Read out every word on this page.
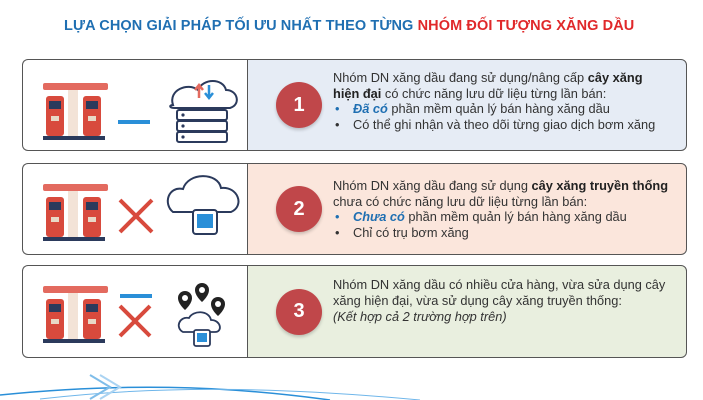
LỰA CHỌN GIẢI PHÁP TỐI ƯU NHẤT THEO TỪNG NHÓM ĐỐI TƯỢNG XĂNG DẦU
1
Nhóm DN xăng dầu đang sử dụng/nâng cấp cây xăng
hiện đại có chức năng lưu dữ liệu từng lần bán:
•	Đã có phần mềm quản lý bán hàng xăng dầu
•	Có thể ghi nhận và theo dõi từng giao dịch bơm xăng
2
Nhóm DN xăng dầu đang sử dụng cây xăng truyền thống
chưa có chức năng lưu dữ liệu từng lần bán:
•	Chưa có phần mềm quản lý bán hàng xăng dầu
•	Chỉ có trụ bơm xăng
3
Nhóm DN xăng dầu có nhiều cửa hàng, vừa sửa dụng cây
xăng hiện đại, vừa sử dụng cây xăng truyền thống:
(Kết hợp cả 2 trường hợp trên)
